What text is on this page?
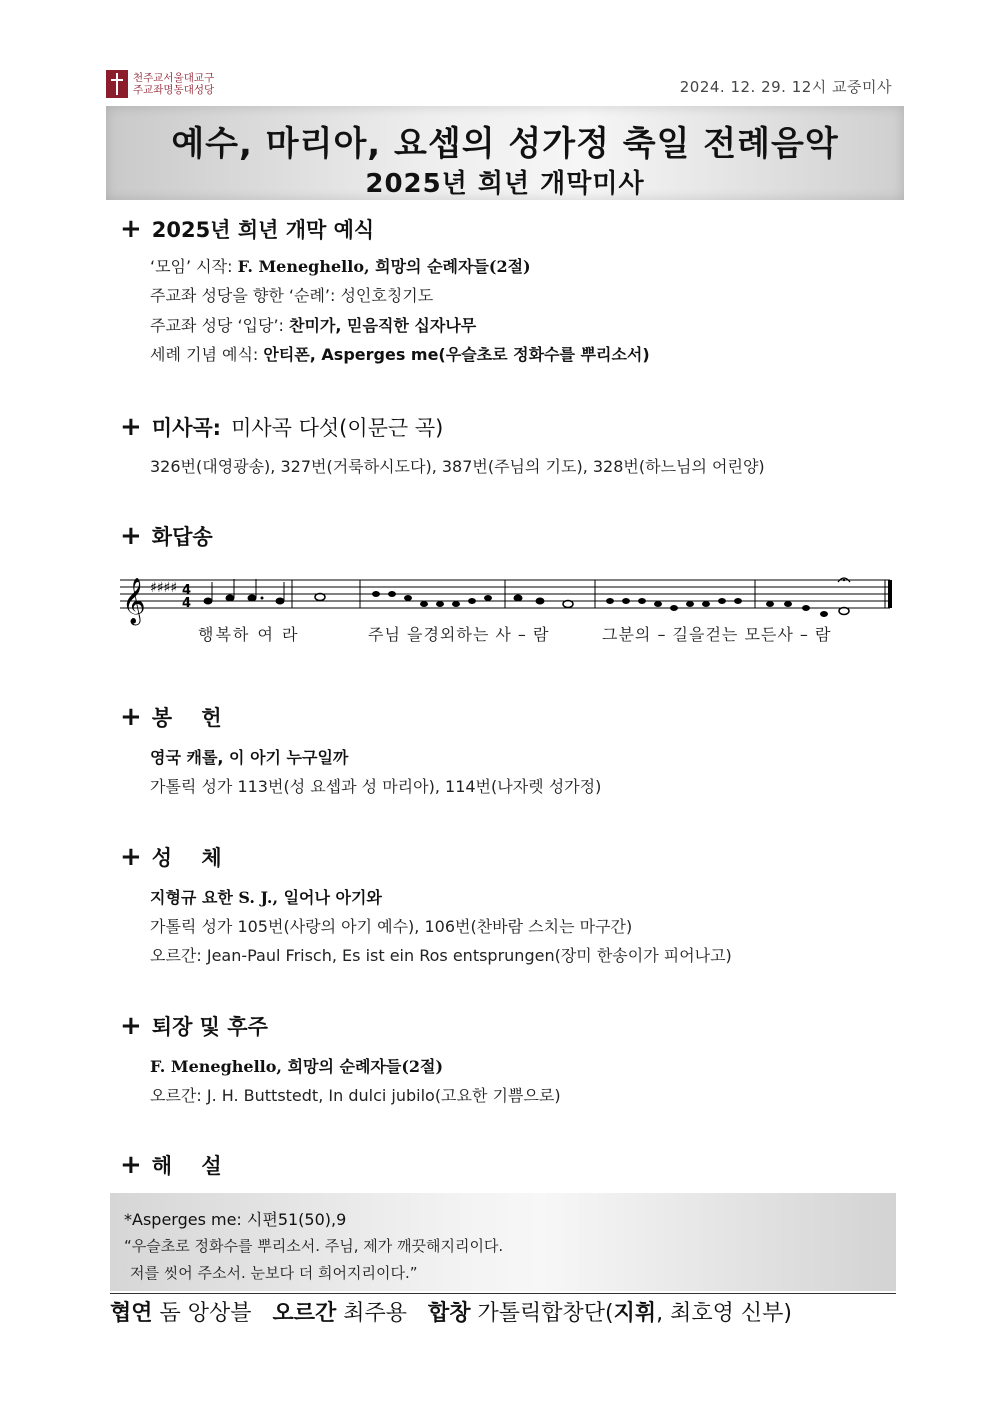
천주교서울대교구
주교좌명동대성당	2024. 12. 29. 12시 교중미사
예수, 마리아, 요셉의 성가정 축일 전례음악
2025년 희년 개막미사
+ 2025년 희년 개막 예식
‘모임’ 시작: F. Meneghello, 희망의 순례자들(2절)
주교좌 성당을 향한 ‘순례’: 성인호칭기도
주교좌 성당 ‘입당’: 찬미가, 믿음직한 십자나무
세례 기념 예식: 안티폰, Asperges me(우슬초로 정화수를 뿌리소서)
+ 미사곡: 미사곡 다섯(이문근 곡)
326번(대영광송), 327번(거룩하시도다), 387번(주님의 기도), 328번(하느님의 어린양)
+ 화답송
𝄞 ♯♯♯♯ 4
4
행복하 여 라	주님 을경외하는 사 – 람	그분의 – 길을걷는 모든사 – 람
+ 봉    헌
영국 캐롤, 이 아기 누구일까
가톨릭 성가 113번(성 요셉과 성 마리아), 114번(나자렛 성가정)
+ 성    체
지형규 요한 S. J., 일어나 아기와
가톨릭 성가 105번(사랑의 아기 예수), 106번(찬바람 스치는 마구간)
오르간: Jean-Paul Frisch, Es ist ein Ros entsprungen(장미 한송이가 피어나고)
+ 퇴장 및 후주
F. Meneghello, 희망의 순례자들(2절)
오르간: J. H. Buttstedt, In dulci jubilo(고요한 기쁨으로)
+ 해    설
*Asperges me: 시편51(50),9
“우슬초로 정화수를 뿌리소서. 주님, 제가 깨끗해지리이다.
저를 씻어 주소서. 눈보다 더 희어지리이다.”
협연 돔 앙상블   오르간 최주용   합창 가톨릭합창단(지휘, 최호영 신부)
